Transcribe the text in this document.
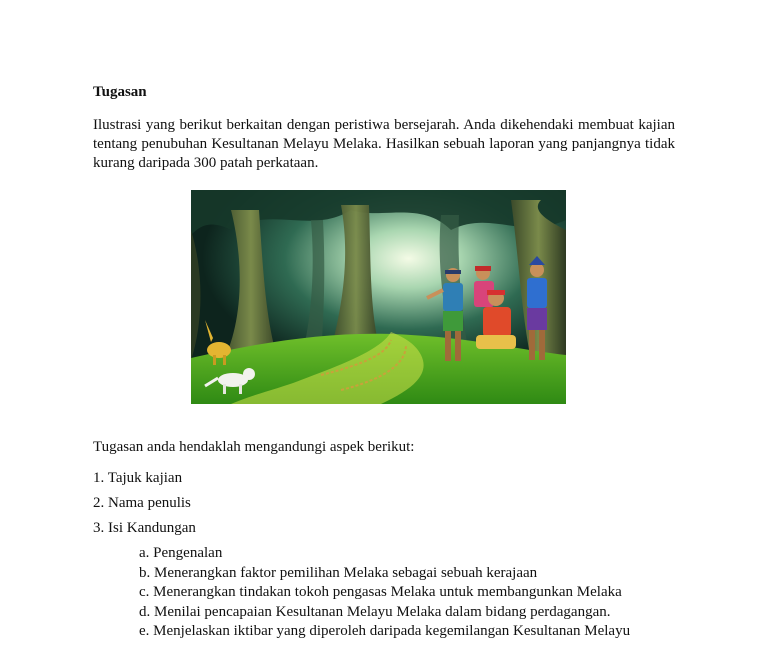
Tugasan

Ilustrasi yang berikut berkaitan dengan peristiwa bersejarah. Anda dikehendaki membuat kajian tentang penubuhan Kesultanan Melayu Melaka. Hasilkan sebuah laporan yang panjangnya tidak kurang daripada 300 patah perkataan.

Tugasan anda hendaklah mengandungi aspek berikut:

1. Tajuk kajian
2. Nama penulis
3. Isi Kandungan
a. Pengenalan
b. Menerangkan faktor pemilihan Melaka sebagai sebuah kerajaan
c. Menerangkan tindakan tokoh pengasas Melaka untuk membangunkan Melaka
d. Menilai pencapaian Kesultanan Melayu Melaka dalam bidang perdagangan.
e. Menjelaskan iktibar yang diperoleh daripada kegemilangan Kesultanan Melayu
